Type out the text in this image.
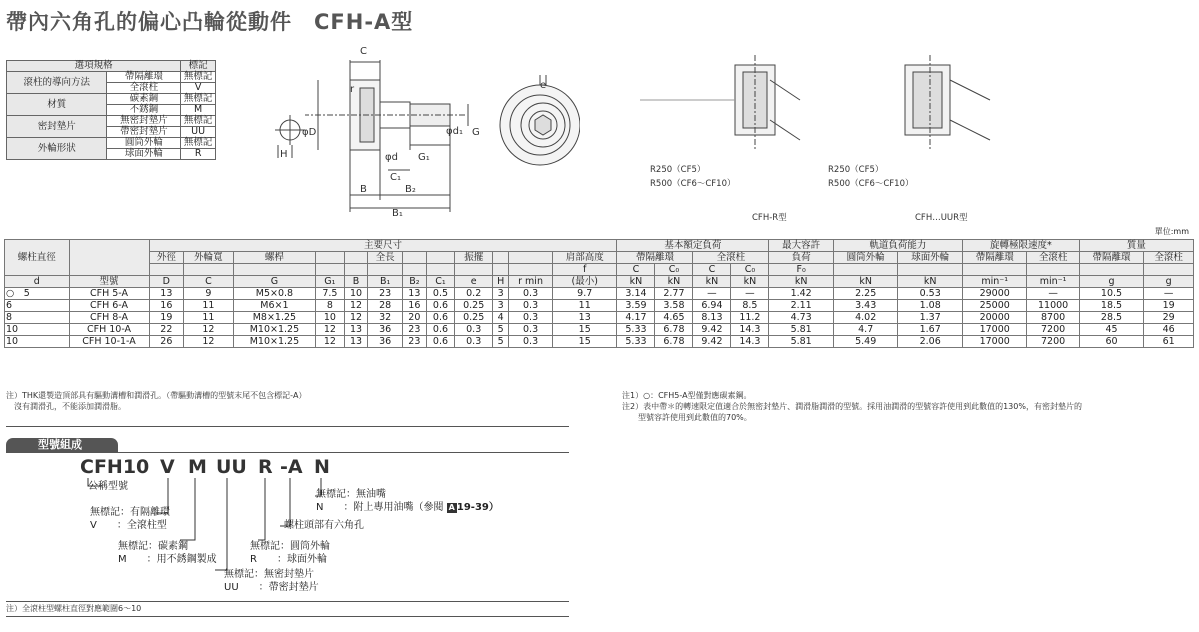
帶內六角孔的偏心凸輪從動件　CFH-A型
選項規格		標記
滾柱的導向方法	帶隔離環	無標記
	全滾柱	V
材質	碳素鋼	無標記
	不銹鋼	M
密封墊片	無密封墊片	無標記
	帶密封墊片	UU
外輪形狀	圓筒外輪	無標記
	球面外輪	R
C
r
φD	φd₁ G
φd G₁
C₁
H
B	B₂
B₁
e
R250（CF5）
R500（CF6〜CF10）
R250（CF5）
R500（CF6〜CF10）
CFH-R型	CFH…UUR型
單位:mm
螺柱直徑		主要尺寸												基本額定負荷				最大容許	軌道負荷能力		旋轉極限速度*		質量	
		外徑	外輪寬	螺桿			全長			振擺			肩部高度	帶隔離環		全滾柱		負荷	圓筒外輪	球面外輪	帶隔離環	全滾柱	帶隔離環	全滾柱
													f	C	C₀	C	C₀	F₀						
d	型號	D	C	G	G₁	B	B₁	B₂	C₁	e	H	r min	(最小)	kN	kN	kN	kN	kN	kN	kN	min⁻¹	min⁻¹	g	g
○　5	CFH 5-A	13	9	M5×0.8	7.5	10	23	13	0.5	0.2	3	0.3	9.7	3.14	2.77	—	—	1.42	2.25	0.53	29000	—	10.5	—
6	CFH 6-A	16	11	M6×1	8	12	28	16	0.6	0.25	3	0.3	11	3.59	3.58	6.94	8.5	2.11	3.43	1.08	25000	11000	18.5	19
8	CFH 8-A	19	11	M8×1.25	10	12	32	20	0.6	0.25	4	0.3	13	4.17	4.65	8.13	11.2	4.73	4.02	1.37	20000	8700	28.5	29
10	CFH 10-A	22	12	M10×1.25	12	13	36	23	0.6	0.3	5	0.3	15	5.33	6.78	9.42	14.3	5.81	4.7	1.67	17000	7200	45	46
10	CFH 10-1-A	26	12	M10×1.25	12	13	36	23	0.6	0.3	5	0.3	15	5.33	6.78	9.42	14.3	5.81	5.49	2.06	17000	7200	60	61
注）THK還製造頂部具有驅動溝槽和潤滑孔。（帶驅動溝槽的型號末尾不包含標記-A）
　沒有潤滑孔，不能添加潤滑脂。
注1）○：CFH5-A型僅對應碳素鋼。
注2）表中帶＊的轉速限定值適合於無密封墊片、潤滑脂潤滑的型號。採用油潤滑的型號容許使用到此數值的130%，有密封墊片的
　　型號容許使用到此數值的70%。
型號組成
CFH10 V M UU R -A N
公稱型號
無標記：有隔離環
V　　：全滾柱型
無標記：碳素鋼
M　　：用不銹鋼製成
無標記：無密封墊片
UU　　：帶密封墊片
無標記：圓筒外輪
R　　：球面外輪
螺柱頭部有六角孔
無標記：無油嘴
N　　：附上專用油嘴（參閱 A 19-39）
注）全滾柱型螺柱直徑對應範圍6〜10
